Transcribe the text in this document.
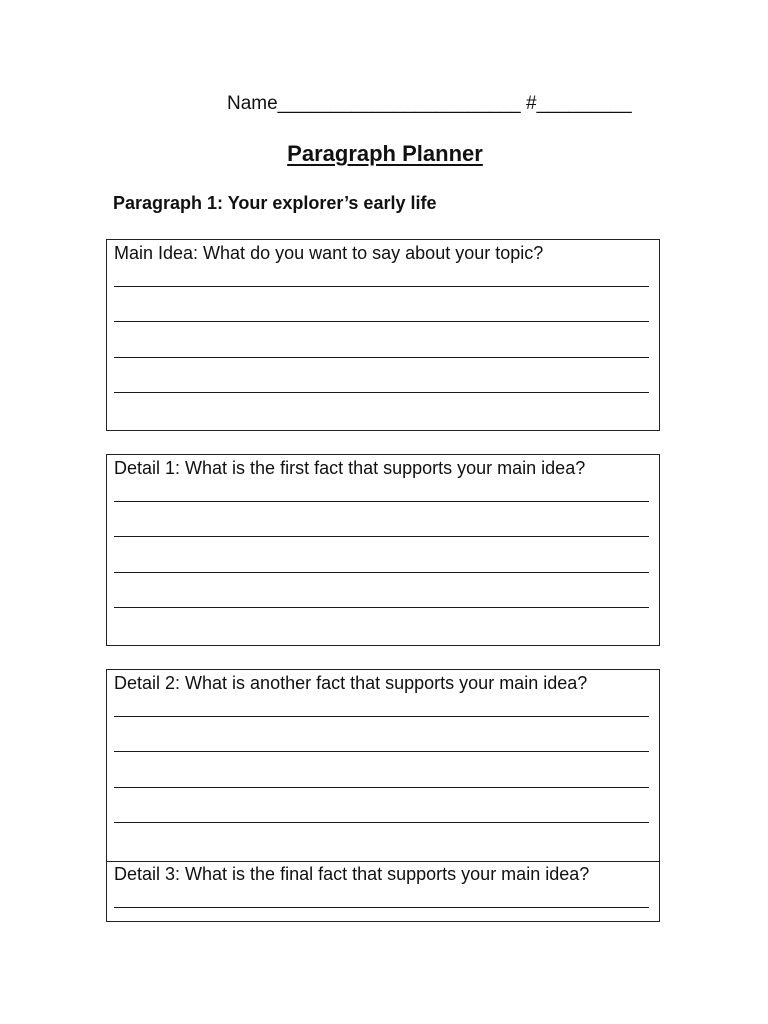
Name_______________________ #_________
Paragraph Planner
Paragraph 1: Your explorer’s early life
Main Idea: What do you want to say about your topic?
Detail 1: What is the first fact that supports your main idea?
Detail 2: What is another fact that supports your main idea?
Detail 3: What is the final fact that supports your main idea?
